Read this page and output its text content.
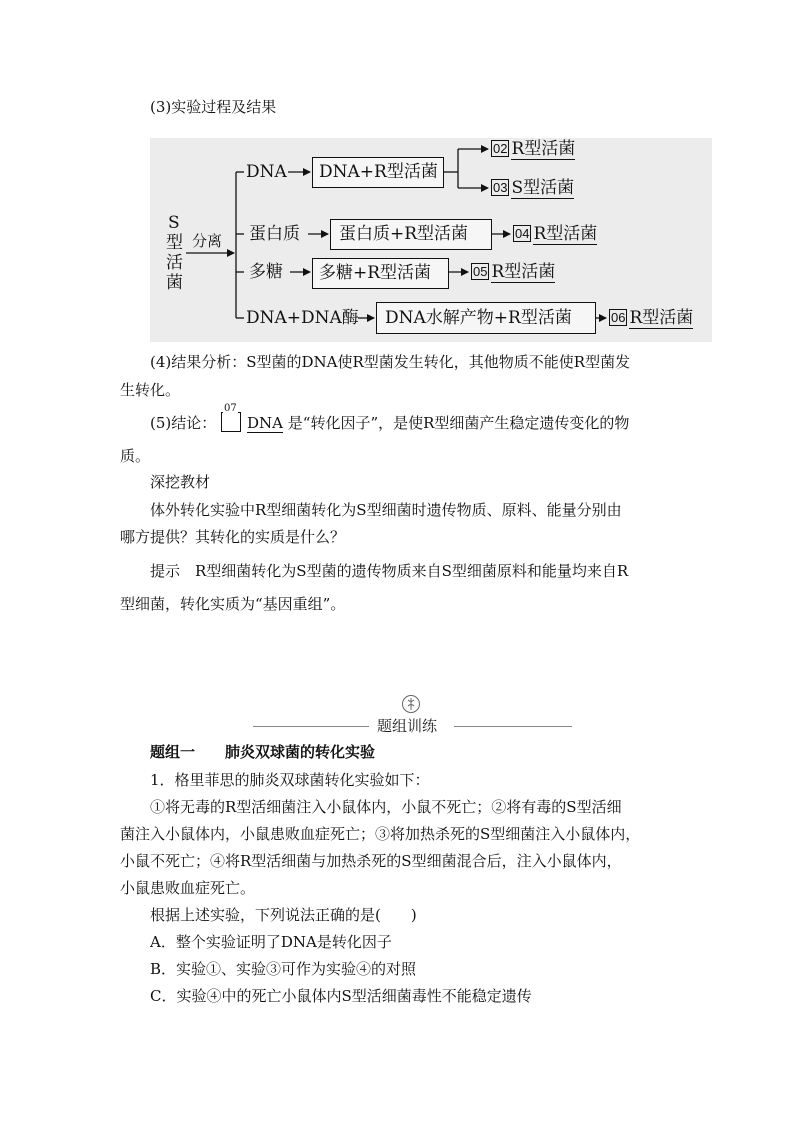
(3)实验过程及结果
S
型
活
菌
分离
DNA DNA+R型活菌
02 R型活菌
03 S型活菌
蛋白质 蛋白质+R型活菌	04 R型活菌
多糖 多糖+R型活菌	05 R型活菌
DNA+DNA酶 DNA水解产物+R型活菌	06 R型活菌
(4)结果分析：S型菌的DNA使R型菌发生转化，其他物质不能使R型菌发
生转化。
(5)结论：
07
DNA 是“转化因子”，是使R型细菌产生稳定遗传变化的物
质。
深挖教材
体外转化实验中R型细菌转化为S型细菌时遗传物质、原料、能量分别由
哪方提供？其转化的实质是什么？
提示　R型细菌转化为S型菌的遗传物质来自S型细菌原料和能量均来自R
型细菌，转化实质为“基因重组”。
题组训练
题组一　　肺炎双球菌的转化实验
1．格里菲思的肺炎双球菌转化实验如下：
①将无毒的R型活细菌注入小鼠体内，小鼠不死亡；②将有毒的S型活细
菌注入小鼠体内，小鼠患败血症死亡；③将加热杀死的S型细菌注入小鼠体内，
小鼠不死亡；④将R型活细菌与加热杀死的S型细菌混合后，注入小鼠体内，
小鼠患败血症死亡。
根据上述实验，下列说法正确的是(　　)
A．整个实验证明了DNA是转化因子
B．实验①、实验③可作为实验④的对照
C．实验④中的死亡小鼠体内S型活细菌毒性不能稳定遗传
